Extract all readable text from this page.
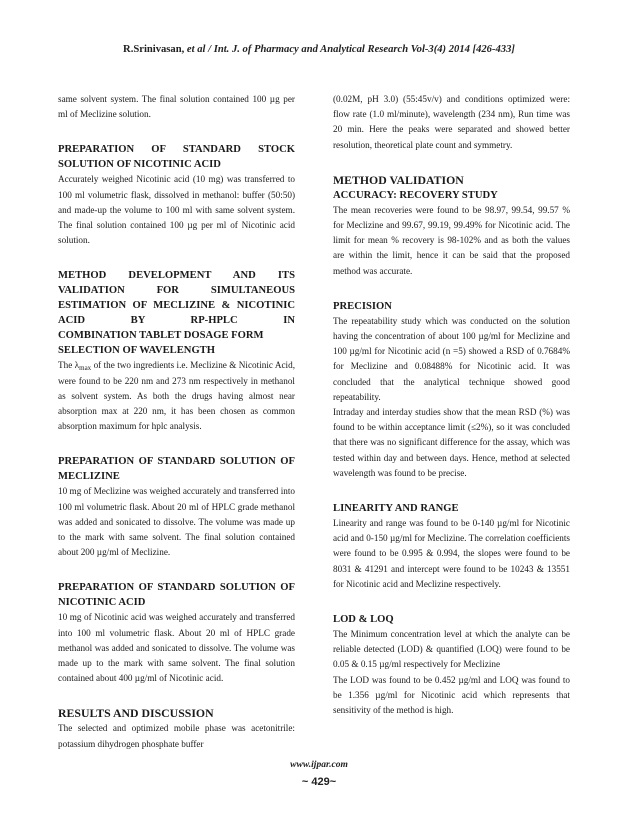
R.Srinivasan, et al / Int. J. of Pharmacy and Analytical Research Vol-3(4) 2014 [426-433]

same solvent system. The final solution contained 100 µg per ml of Meclizine solution.

PREPARATION OF STANDARD STOCK SOLUTION OF NICOTINIC ACID

Accurately weighed Nicotinic acid (10 mg) was transferred to 100 ml volumetric flask, dissolved in methanol: buffer (50:50) and made-up the volume to 100 ml with same solvent system. The final solution contained 100 µg per ml of Nicotinic acid solution.

METHOD DEVELOPMENT AND ITS VALIDATION FOR SIMULTANEOUS ESTIMATION OF MECLIZINE & NICOTINIC ACID BY RP-HPLC IN

COMBINATION TABLET DOSAGE FORM

SELECTION OF WAVELENGTH

The $\lambda_{max}$ of the two ingredients i.e. Meclizine & Nicotinic Acid, were found to be 220 nm and 273 nm respectively in methanol as solvent system. As both the drugs having almost near absorption max at 220 nm, it has been chosen as common absorption maximum for hplc analysis.

PREPARATION OF STANDARD SOLUTION OF MECLIZINE

10 mg of Meclizine was weighed accurately and transferred into 100 ml volumetric flask. About 20 ml of HPLC grade methanol was added and sonicated to dissolve. The volume was made up to the mark with same solvent. The final solution contained about 200 µg/ml of Meclizine.

PREPARATION OF STANDARD SOLUTION OF NICOTINIC ACID

10 mg of Nicotinic acid was weighed accurately and transferred into 100 ml volumetric flask. About 20 ml of HPLC grade methanol was added and sonicated to dissolve. The volume was made up to the mark with same solvent. The final solution contained about 400 µg/ml of Nicotinic acid.

RESULTS AND DISCUSSION

The selected and optimized mobile phase was acetonitrile: potassium dihydrogen phosphate buffer

(0.02M, pH 3.0) (55:45v/v) and conditions optimized were: flow rate (1.0 ml/minute), wavelength (234 nm), Run time was 20 min. Here the peaks were separated and showed better resolution, theoretical plate count and symmetry.

METHOD VALIDATION

ACCURACY: RECOVERY STUDY

The mean recoveries were found to be 98.97, 99.54, 99.57 % for Meclizine and 99.67, 99.19, 99.49% for Nicotinic acid. The limit for mean % recovery is 98-102% and as both the values are within the limit, hence it can be said that the proposed method was accurate.

PRECISION

The repeatability study which was conducted on the solution having the concentration of about 100 µg/ml for Meclizine and 100 µg/ml for Nicotinic acid (n =5) showed a RSD of 0.7684% for Meclizine and 0.08488% for Nicotinic acid. It was concluded that the analytical technique showed good repeatability.

Intraday and interday studies show that the mean RSD (%) was found to be within acceptance limit (≤2%), so it was concluded that there was no significant difference for the assay, which was tested within day and between days. Hence, method at selected wavelength was found to be precise.

LINEARITY AND RANGE

Linearity and range was found to be 0-140 µg/ml for Nicotinic acid and 0-150 µg/ml for Meclizine. The correlation coefficients were found to be 0.995 & 0.994, the slopes were found to be 8031 & 41291 and intercept were found to be 10243 & 13551 for Nicotinic acid and Meclizine respectively.

LOD & LOQ

The Minimum concentration level at which the analyte can be reliable detected (LOD) & quantified (LOQ) were found to be 0.05 & 0.15 µg/ml respectively for Meclizine

The LOD was found to be 0.452 µg/ml and LOQ was found to be 1.356 µg/ml for Nicotinic acid which represents that sensitivity of the method is high.

www.ijpar.com
~ 429~
